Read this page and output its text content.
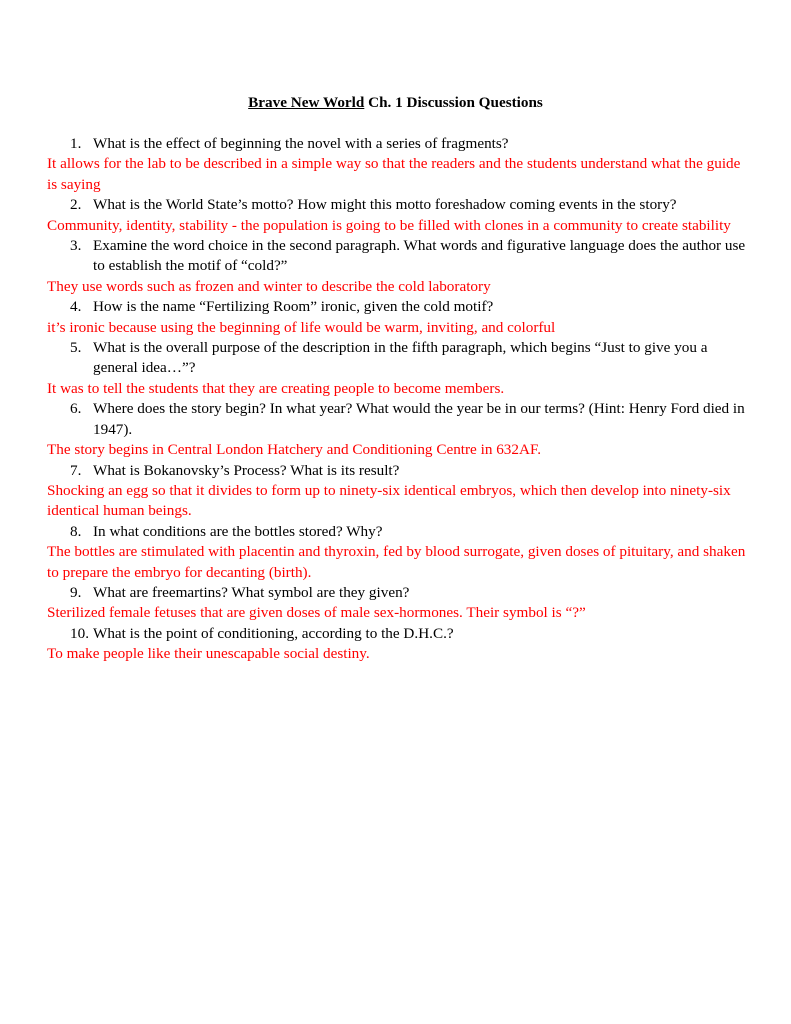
Brave New World Ch. 1 Discussion Questions
1. What is the effect of beginning the novel with a series of fragments?
It allows for the lab to be described in a simple way so that the readers and the students understand what the guide is saying
2. What is the World State’s motto? How might this motto foreshadow coming events in the story?
Community, identity, stability - the population is going to be filled with clones in a community to create stability
3. Examine the word choice in the second paragraph. What words and figurative language does the author use to establish the motif of “cold?”
They use words such as frozen and winter to describe the cold laboratory
4. How is the name “Fertilizing Room” ironic, given the cold motif?
it’s ironic because using the beginning of life would be warm, inviting, and colorful
5. What is the overall purpose of the description in the fifth paragraph, which begins “Just to give you a general idea…”?
It was to tell the students that they are creating people to become members.
6. Where does the story begin? In what year? What would the year be in our terms? (Hint: Henry Ford died in 1947).
The story begins in Central London Hatchery and Conditioning Centre in 632AF.
7. What is Bokanovsky’s Process? What is its result?
Shocking an egg so that it divides to form up to ninety-six identical embryos, which then develop into ninety-six identical human beings.
8. In what conditions are the bottles stored? Why?
The bottles are stimulated with placentin and thyroxin, fed by blood surrogate, given doses of pituitary, and shaken to prepare the embryo for decanting (birth).
9. What are freemartins? What symbol are they given?
Sterilized female fetuses that are given doses of male sex-hormones. Their symbol is “?”
10. What is the point of conditioning, according to the D.H.C.?
To make people like their unescapable social destiny.
